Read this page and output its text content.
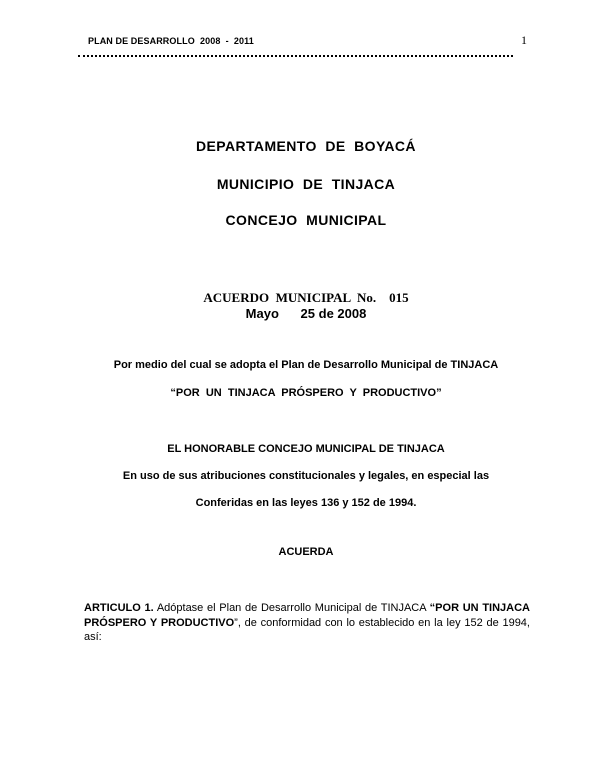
PLAN DE DESARROLLO  2008  -  2011	1
DEPARTAMENTO  DE  BOYACÁ
MUNICIPIO  DE  TINJACA
CONCEJO  MUNICIPAL
ACUERDO  MUNICIPAL  No.    015
Mayo      25 de 2008
Por medio del cual se adopta el Plan de Desarrollo Municipal de TINJACA
“POR  UN  TINJACA  PRÓSPERO  Y  PRODUCTIVO”
EL HONORABLE CONCEJO MUNICIPAL DE TINJACA
En uso de sus atribuciones constitucionales y legales, en especial las
Conferidas en las leyes 136 y 152 de 1994.
ACUERDA
ARTICULO 1. Adóptase el Plan de Desarrollo Municipal de TINJACA “POR UN TINJACA PRÓSPERO Y PRODUCTIVO”, de conformidad con lo establecido en la ley 152 de 1994, así:
